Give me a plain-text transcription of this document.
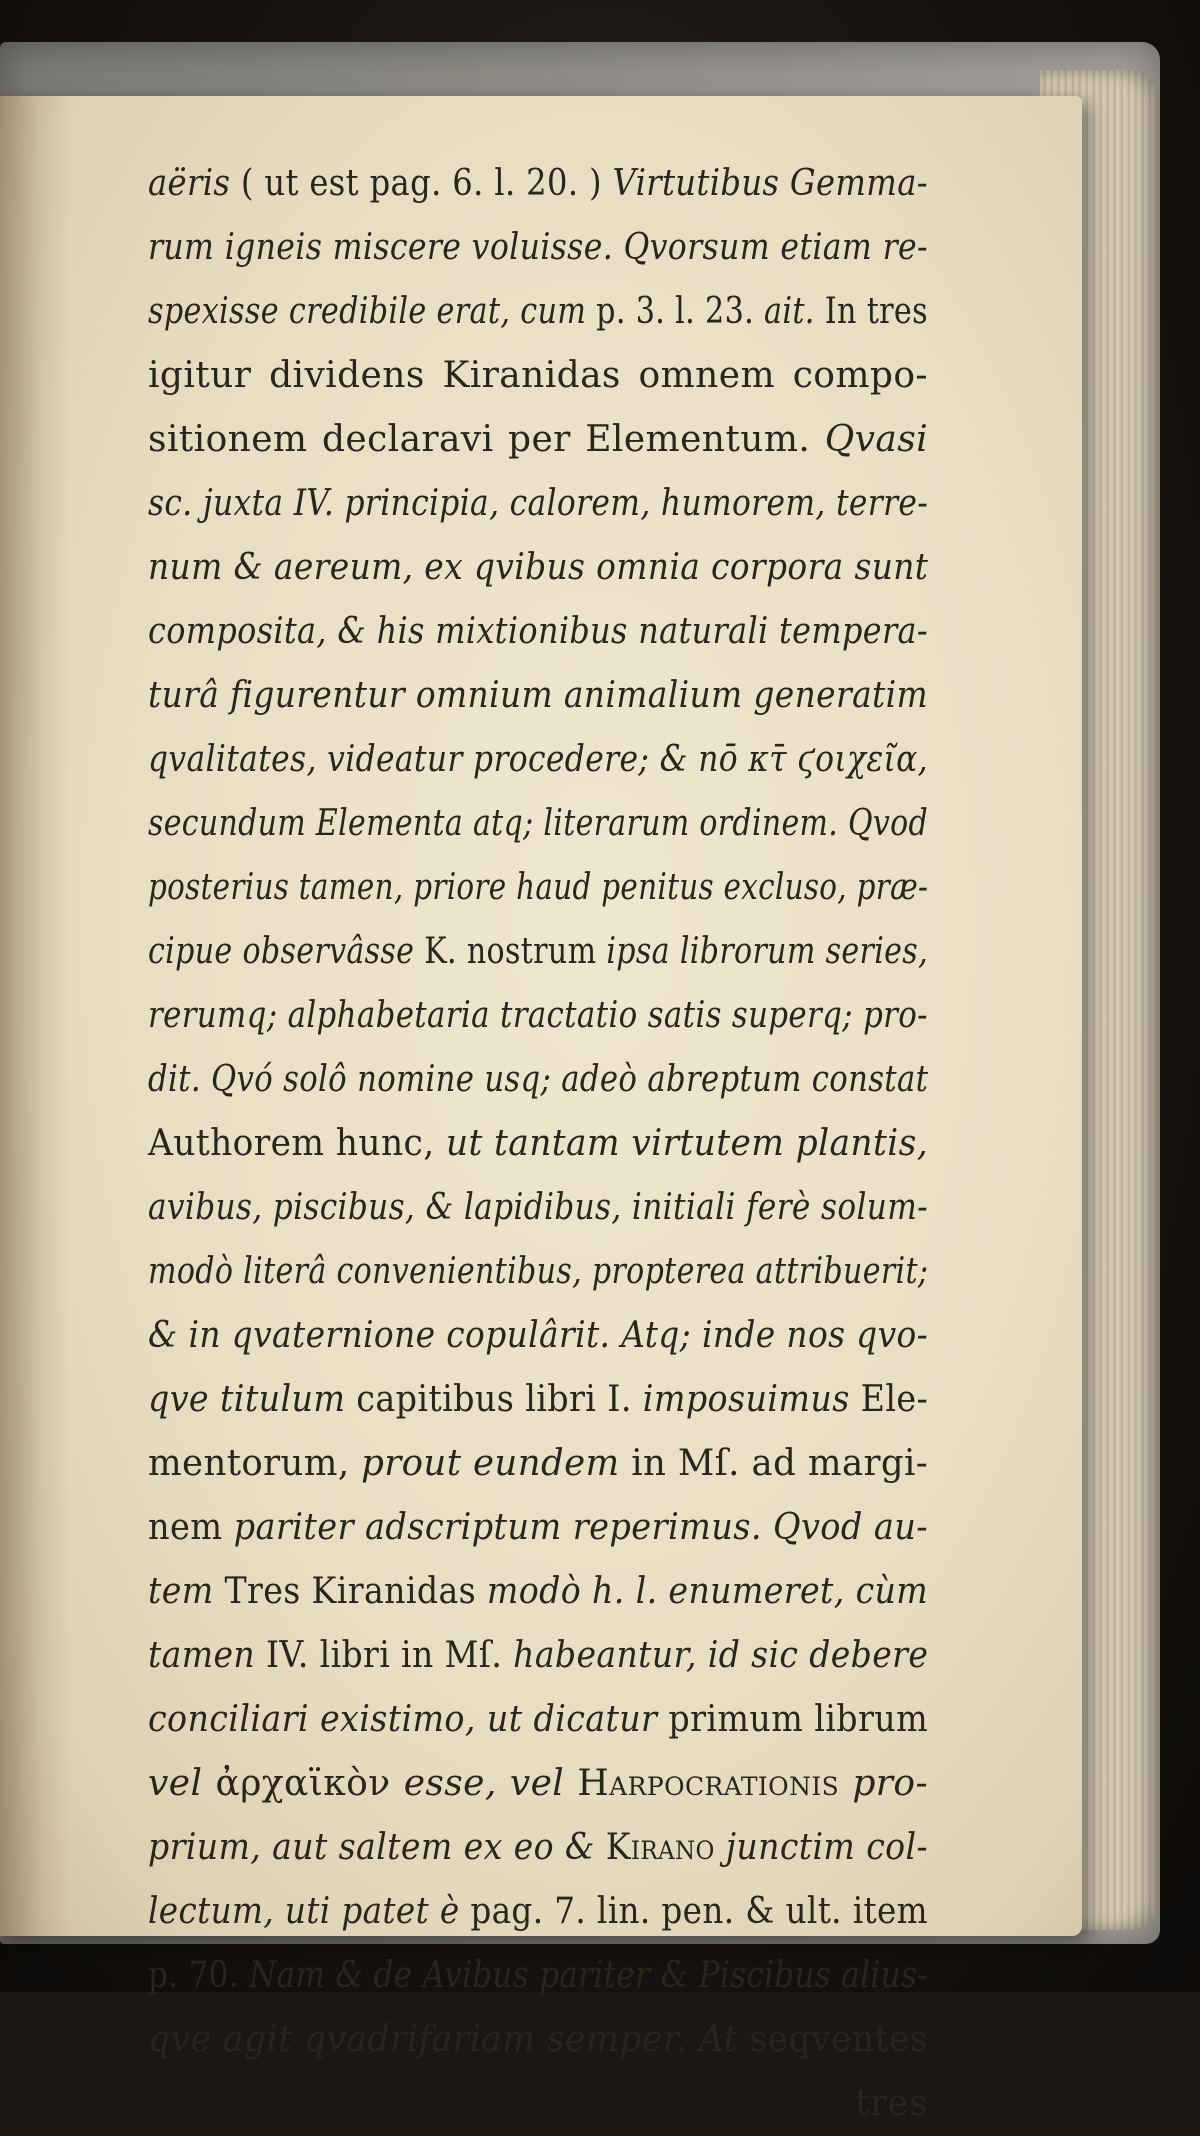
aëris ( ut est pag. 6. l. 20. ) Virtutibus Gemma-
rum igneis miscere voluisse. Qvorsum etiam re-
spexisse credibile erat, cum p. 3. l. 23. ait. In tres
igitur dividens Kiranidas omnem compo-
sitionem declaravi per Elementum. Qvasi
sc. juxta IV. principia, calorem, humorem, terre-
num & aereum, ex qvibus omnia corpora sunt
composita, & his mixtionibus naturali tempera-
turâ figurentur omnium animalium generatim
qvalitates, videatur procedere; & nō κτ̄ ϛοιχεῖα,
secundum Elementa atq; literarum ordinem. Qvod
posterius tamen, priore haud penitus excluso, præ-
cipue observâsse K. nostrum ipsa librorum series,
rerumq; alphabetaria tractatio satis superq; pro-
dit. Qvó solô nomine usq; adeò abreptum constat
Authorem hunc, ut tantam virtutem plantis,
avibus, piscibus, & lapidibus, initiali ferè solum-
modò literâ convenientibus, propterea attribuerit;
& in qvaternione copulârit. Atq; inde nos qvo-
qve titulum capitibus libri I. imposuimus Ele-
mentorum, prout eundem in Mſ. ad margi-
nem pariter adscriptum reperimus. Qvod au-
tem Tres Kiranidas modò h. l. enumeret, cùm
tamen IV. libri in Mſ. habeantur, id sic debere
conciliari existimo, ut dicatur primum librum
vel ἀρχαϊκὸν esse, vel Harpocrationis pro-
prium, aut saltem ex eo & Kirano junctim col-
lectum, uti patet è pag. 7. lin. pen. & ult. item
p. 70. Nam & de Avibus pariter & Piscibus alius-
qve agit qvadrifariam semper. At seqventes
tres
